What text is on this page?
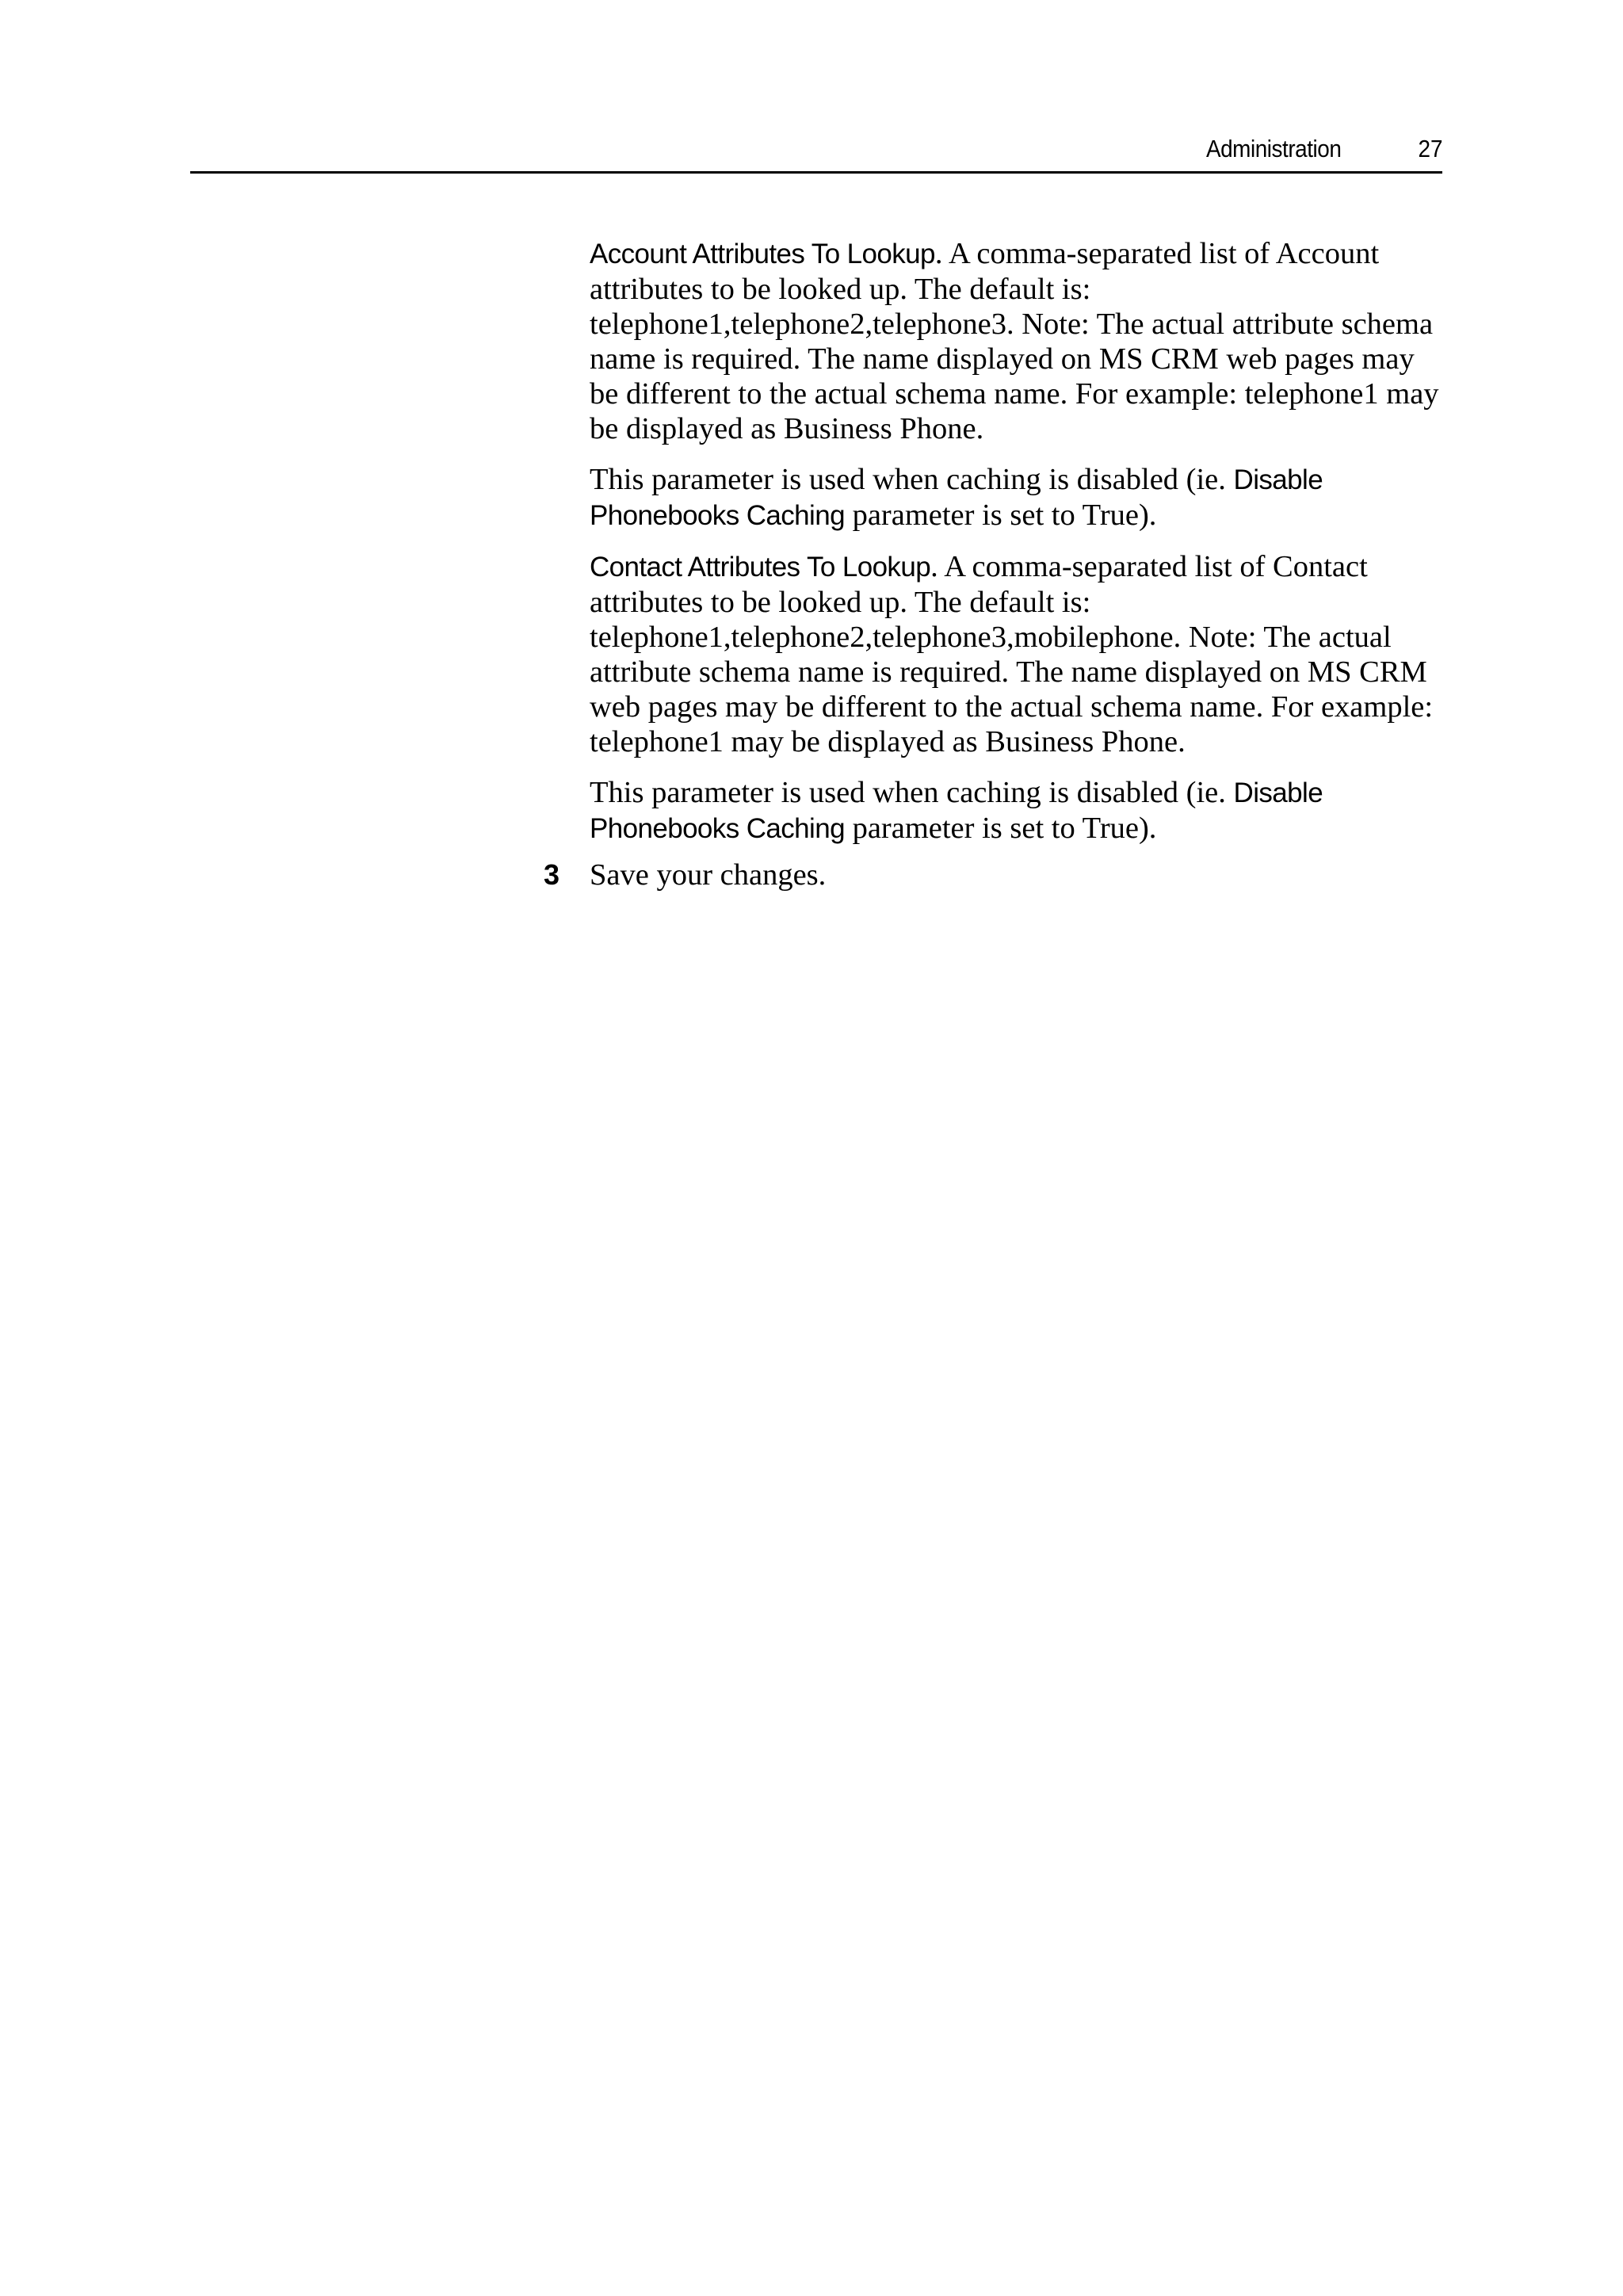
Administration	27

Account Attributes To Lookup. A comma-separated list of Account attributes to be looked up. The default is: telephone1,telephone2,telephone3. Note: The actual attribute schema name is required. The name displayed on MS CRM web pages may be different to the actual schema name. For example: telephone1 may be displayed as Business Phone.

This parameter is used when caching is disabled (ie. Disable Phonebooks Caching parameter is set to True).

Contact Attributes To Lookup. A comma-separated list of Contact attributes to be looked up. The default is: telephone1,telephone2,telephone3,mobilephone. Note: The actual attribute schema name is required. The name displayed on MS CRM web pages may be different to the actual schema name. For example: telephone1 may be displayed as Business Phone.

This parameter is used when caching is disabled (ie. Disable Phonebooks Caching parameter is set to True).

3 Save your changes.
